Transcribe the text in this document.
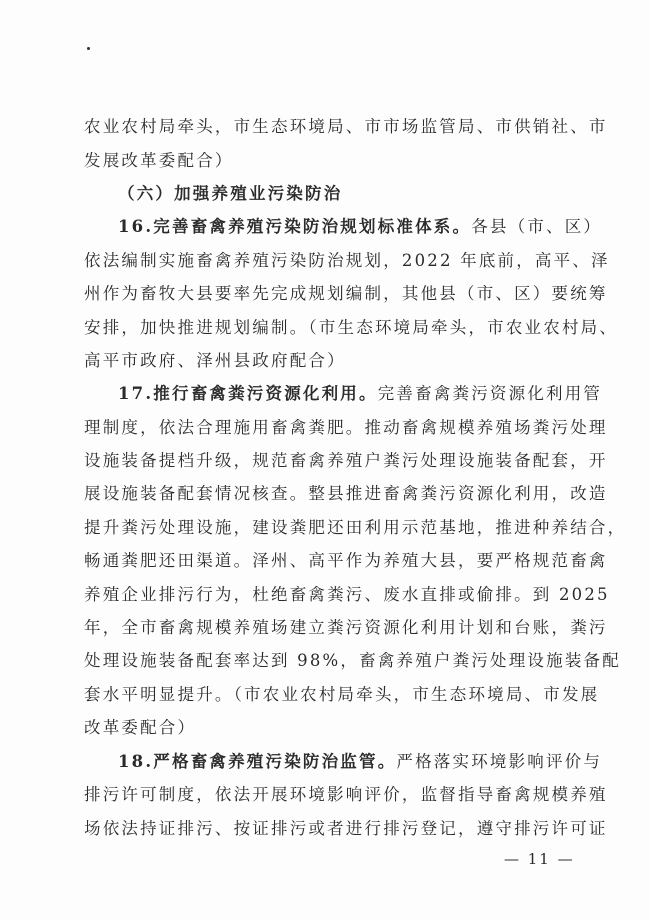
农业农村局牵头，市生态环境局、市市场监管局、市供销社、市
发展改革委配合）
（六）加强养殖业污染防治
16.完善畜禽养殖污染防治规划标准体系。各县（市、区）
依法编制实施畜禽养殖污染防治规划，2022 年底前，高平、泽
州作为畜牧大县要率先完成规划编制，其他县（市、区）要统筹
安排，加快推进规划编制。（市生态环境局牵头，市农业农村局、
高平市政府、泽州县政府配合）
17.推行畜禽粪污资源化利用。完善畜禽粪污资源化利用管
理制度，依法合理施用畜禽粪肥。推动畜禽规模养殖场粪污处理
设施装备提档升级，规范畜禽养殖户粪污处理设施装备配套，开
展设施装备配套情况核查。整县推进畜禽粪污资源化利用，改造
提升粪污处理设施，建设粪肥还田利用示范基地，推进种养结合，
畅通粪肥还田渠道。泽州、高平作为养殖大县，要严格规范畜禽
养殖企业排污行为，杜绝畜禽粪污、废水直排或偷排。到 2025
年，全市畜禽规模养殖场建立粪污资源化利用计划和台账，粪污
处理设施装备配套率达到 98%，畜禽养殖户粪污处理设施装备配
套水平明显提升。（市农业农村局牵头，市生态环境局、市发展
改革委配合）
18.严格畜禽养殖污染防治监管。严格落实环境影响评价与
排污许可制度，依法开展环境影响评价，监督指导畜禽规模养殖
场依法持证排污、按证排污或者进行排污登记，遵守排污许可证
— 11 —
